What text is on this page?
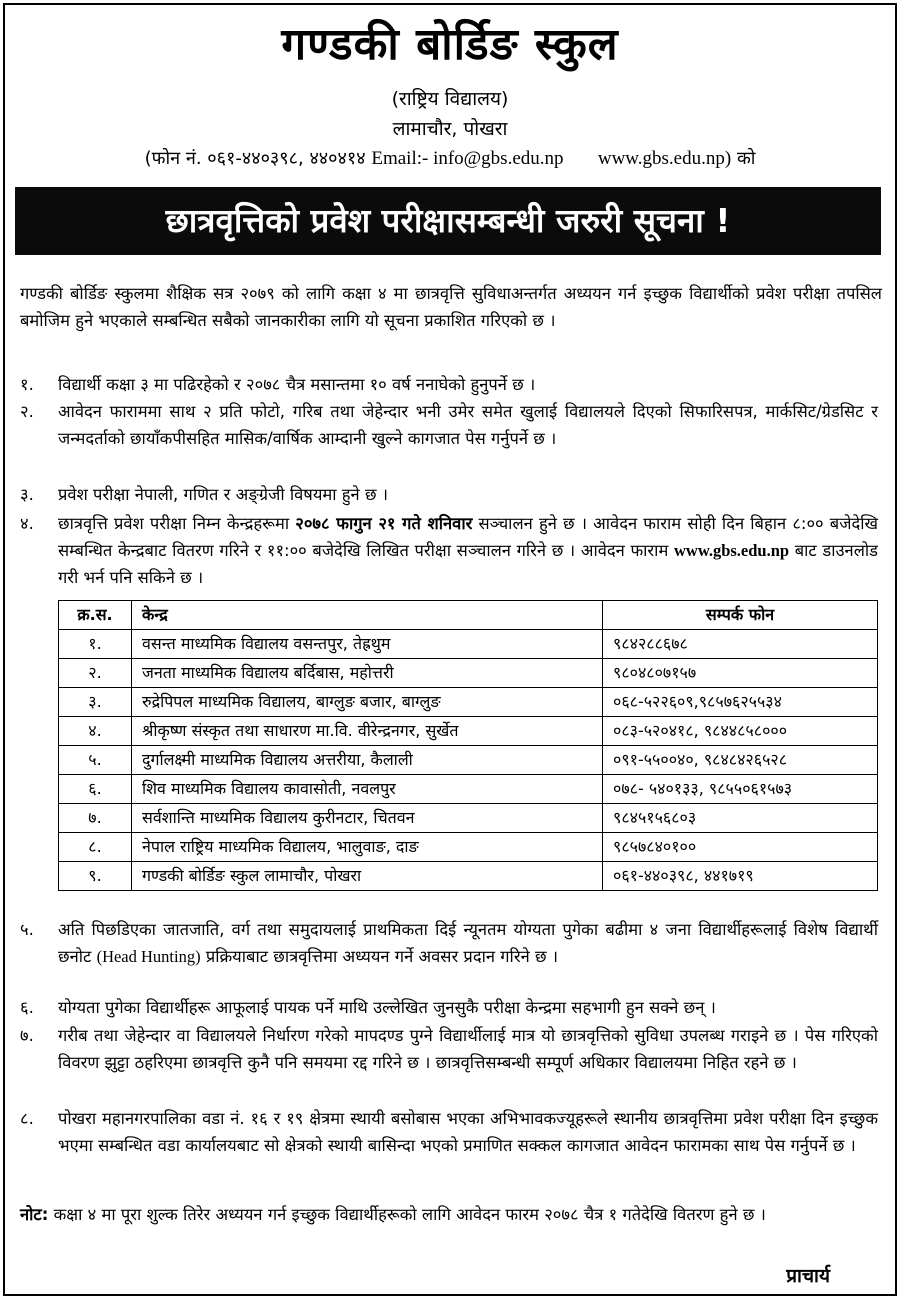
गण्डकी बोर्डिङ स्कुल
(राष्ट्रिय विद्यालय)
लामाचौर, पोखरा
(फोन नं. ०६१-४४०३९८, ४४०४१४ Email:- info@gbs.edu.np www.gbs.edu.np) को
छात्रवृत्तिको प्रवेश परीक्षासम्बन्धी जरुरी सूचना !
गण्डकी बोर्डिङ स्कुलमा शैक्षिक सत्र २०७९ को लागि कक्षा ४ मा छात्रवृत्ति सुविधाअन्तर्गत अध्ययन गर्न इच्छुक विद्यार्थीको प्रवेश परीक्षा तपसिल बमोजिम हुने भएकाले सम्बन्धित सबैको जानकारीका लागि यो सूचना प्रकाशित गरिएको छ ।
१.	विद्यार्थी कक्षा ३ मा पढिरहेको र २०७८ चैत्र मसान्तमा १० वर्ष ननाघेको हुनुपर्ने छ ।
२.	आवेदन फाराममा साथ २ प्रति फोटो, गरिब तथा जेहेन्दार भनी उमेर समेत खुलाई विद्यालयले दिएको सिफारिसपत्र, मार्कसिट/ग्रेडसिट र जन्मदर्ताको छायाँकपीसहित मासिक/वार्षिक आम्दानी खुल्ने कागजात पेस गर्नुपर्ने छ ।
३.	प्रवेश परीक्षा नेपाली, गणित र अङ्ग्रेजी विषयमा हुने छ ।
४.	छात्रवृत्ति प्रवेश परीक्षा निम्न केन्द्रहरूमा २०७८ फागुन २१ गते शनिवार सञ्चालन हुने छ । आवेदन फाराम सोही दिन बिहान ८:०० बजेदेखि सम्बन्धित केन्द्रबाट वितरण गरिने र ११:०० बजेदेखि लिखित परीक्षा सञ्चालन गरिने छ । आवेदन फाराम www.gbs.edu.np बाट डाउनलोड गरी भर्न पनि सकिने छ ।
क्र.स.	केन्द्र	सम्पर्क फोन
१.	वसन्त माध्यमिक विद्यालय वसन्तपुर, तेह्रथुम	९८४२८८६७८
२.	जनता माध्यमिक विद्यालय बर्दिबास, महोत्तरी	९८०४८०७१५७
३.	रुद्रेपिपल माध्यमिक विद्यालय, बाग्लुङ बजार, बाग्लुङ	०६८-५२२६०९,९८५७६२५५३४
४.	श्रीकृष्ण संस्कृत तथा साधारण मा.वि. वीरेन्द्रनगर, सुर्खेत	०८३-५२०४१८, ९८४४८५८०००
५.	दुर्गालक्ष्मी माध्यमिक विद्यालय अत्तरीया, कैलाली	०९१-५५००४०, ९८४८४२६५२८
६.	शिव माध्यमिक विद्यालय कावासोती, नवलपुर	०७८- ५४०१३३, ९८५५०६१५७३
७.	सर्वशान्ति माध्यमिक विद्यालय कुरीनटार, चितवन	९८४५१५६८०३
८.	नेपाल राष्ट्रिय माध्यमिक विद्यालय, भालुवाङ, दाङ	९८५७८४०१००
९.	गण्डकी बोर्डिङ स्कुल लामाचौर, पोखरा	०६१-४४०३९८, ४४१७१९
५.	अति पिछडिएका जातजाति, वर्ग तथा समुदायलाई प्राथमिकता दिई न्यूनतम योग्यता पुगेका बढीमा ४ जना विद्यार्थीहरूलाई विशेष विद्यार्थी छनोट (Head Hunting) प्रक्रियाबाट छात्रवृत्तिमा अध्ययन गर्ने अवसर प्रदान गरिने छ ।
६.	योग्यता पुगेका विद्यार्थीहरू आफूलाई पायक पर्ने माथि उल्लेखित जुनसुकै परीक्षा केन्द्रमा सहभागी हुन सक्ने छन् ।
७.	गरीब तथा जेहेन्दार वा विद्यालयले निर्धारण गरेको मापदण्ड पुग्ने विद्यार्थीलाई मात्र यो छात्रवृत्तिको सुविधा उपलब्ध गराइने छ । पेस गरिएको विवरण झुट्टा ठहरिएमा छात्रवृत्ति कुनै पनि समयमा रद्द गरिने छ । छात्रवृत्तिसम्बन्धी सम्पूर्ण अधिकार विद्यालयमा निहित रहने छ ।
८.	पोखरा महानगरपालिका वडा नं. १६ र १९ क्षेत्रमा स्थायी बसोबास भएका अभिभावकज्यूहरूले स्थानीय छात्रवृत्तिमा प्रवेश परीक्षा दिन इच्छुक भएमा सम्बन्धित वडा कार्यालयबाट सो क्षेत्रको स्थायी बासिन्दा भएको प्रमाणित सक्कल कागजात आवेदन फारामका साथ पेस गर्नुपर्ने छ ।
नोट: कक्षा ४ मा पूरा शुल्क तिरेर अध्ययन गर्न इच्छुक विद्यार्थीहरूको लागि आवेदन फारम २०७८ चैत्र १ गतेदेखि वितरण हुने छ ।
प्राचार्य
